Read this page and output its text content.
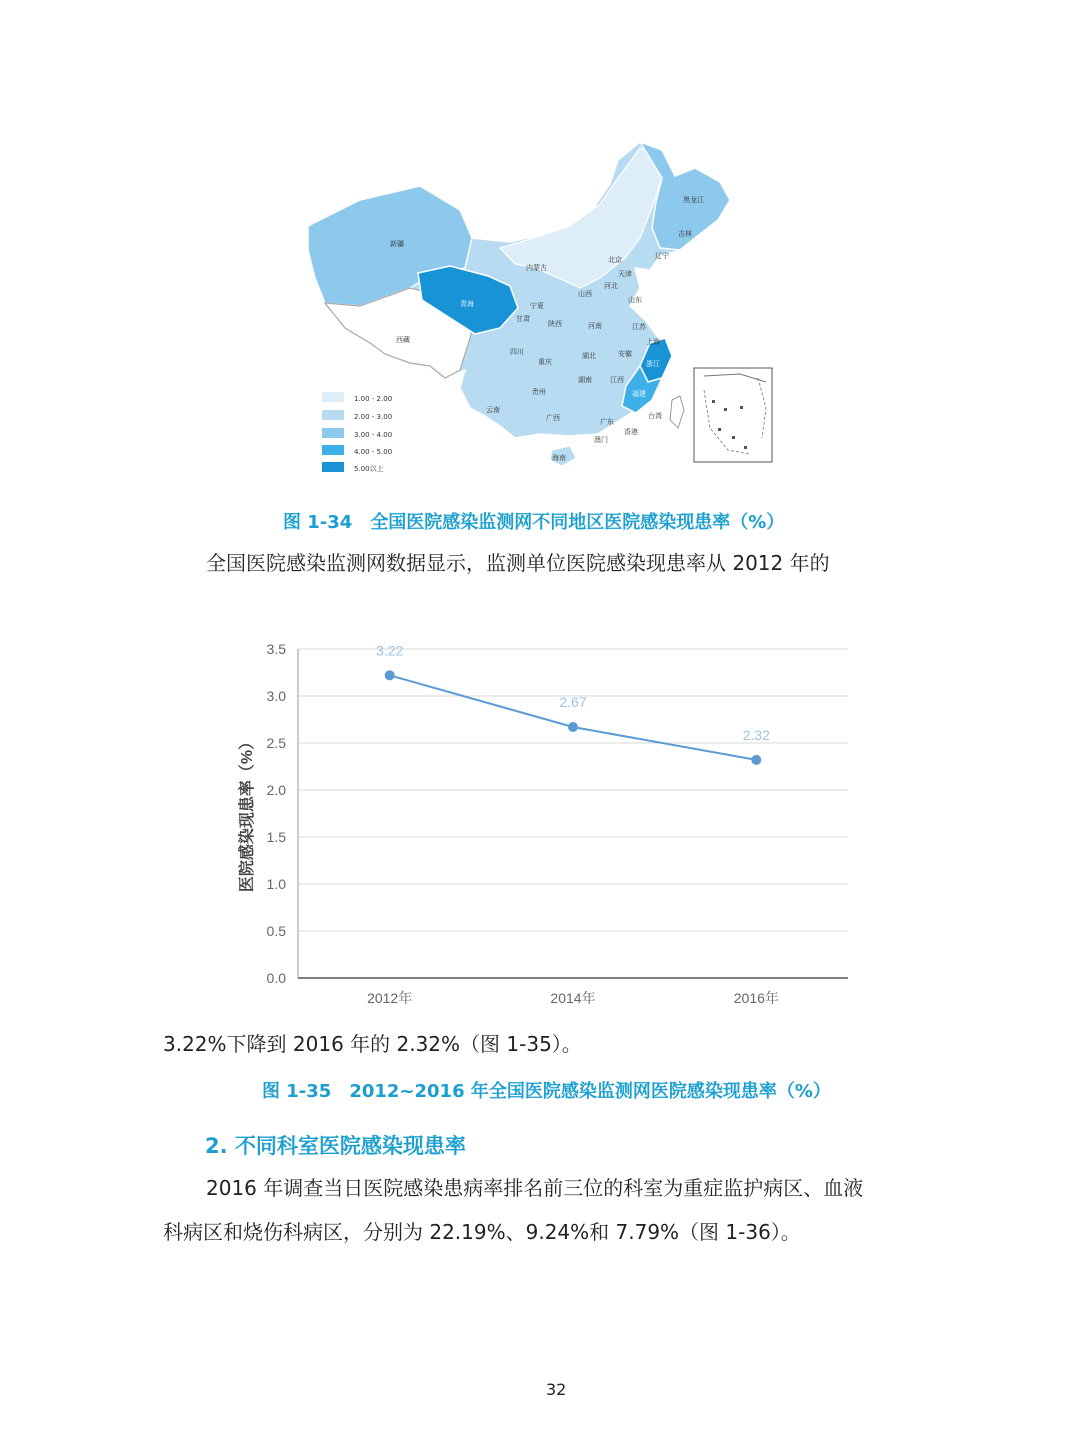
黑龙江
吉林
辽宁
新疆
内蒙古
北京
天津
河北
山西
山东
青海	宁夏
甘肃
陕西	河南	江苏
上海
西藏
四川
重庆
湖北	安徽
浙江
湖南	江西
贵州	福建
云南
广西	广东
台湾
香港
澳门
海南
1.00 - 2.00
2.00 - 3.00
3.00 - 4.00
4.00 - 5.00
5.00以上
图 1-34 全国医院感染监测网不同地区医院感染现患率（%）
全国医院感染监测网数据显示，监测单位医院感染现患率从 2012 年的
0.0
0.5
1.0
1.5
2.0
2.5
3.0
3.5
医院感染现患率（%）
3.22
2.67
2.32
2012年	2014年	2016年
3.22%下降到 2016 年的 2.32%（图 1-35）。
图 1-35 2012~2016 年全国医院感染监测网医院感染现患率（%）
2. 不同科室医院感染现患率
2016 年调查当日医院感染患病率排名前三位的科室为重症监护病区、血液
科病区和烧伤科病区，分别为 22.19%、9.24%和 7.79%（图 1-36）。
32
